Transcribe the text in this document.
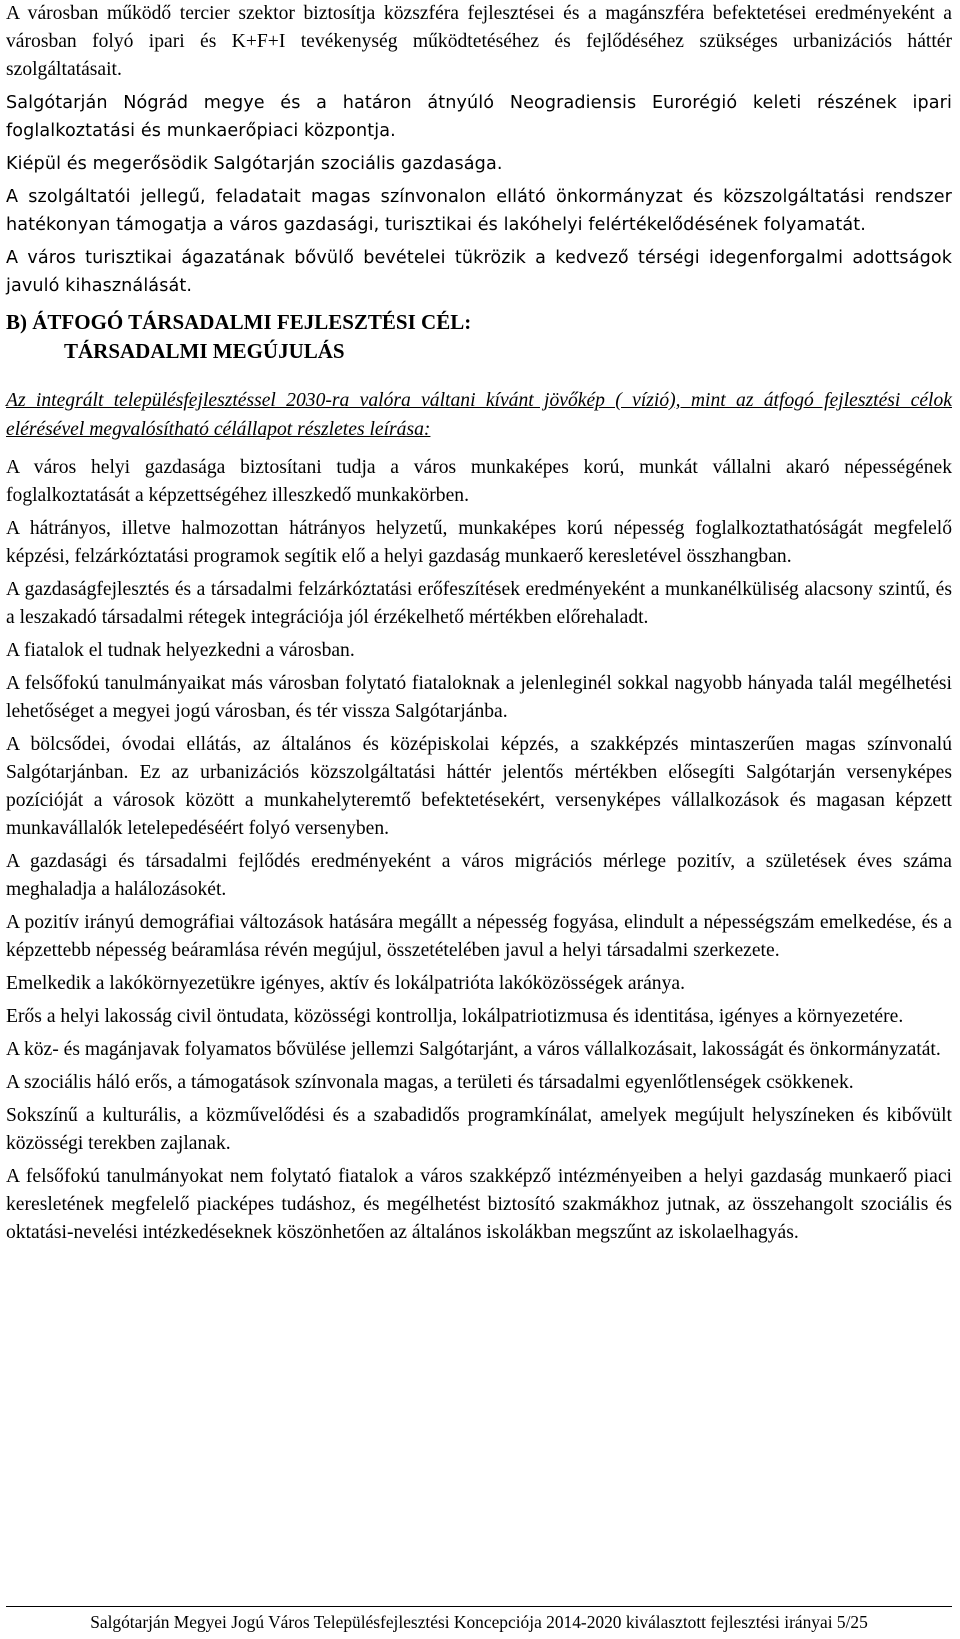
A városban működő tercier szektor biztosítja közszféra fejlesztései és a magánszféra befektetései eredményeként a városban folyó ipari és K+F+I tevékenység működtetéséhez és fejlődéséhez szükséges urbanizációs háttér szolgáltatásait.

Salgótarján Nógrád megye és a határon átnyúló Neogradiensis Eurorégió keleti részének ipari foglalkoztatási és munkaerőpiaci központja.

Kiépül és megerősödik Salgótarján szociális gazdasága.

A szolgáltatói jellegű, feladatait magas színvonalon ellátó önkormányzat és közszolgáltatási rendszer hatékonyan támogatja a város gazdasági, turisztikai és lakóhelyi felértékelődésének folyamatát.

A város turisztikai ágazatának bővülő bevételei tükrözik a kedvező térségi idegenforgalmi adottságok javuló kihasználását.

B) ÁTFOGÓ TÁRSADALMI FEJLESZTÉSI CÉL:
TÁRSADALMI MEGÚJULÁS

Az integrált településfejlesztéssel 2030-ra valóra váltani kívánt jövőkép ( vízió), mint az átfogó fejlesztési célok elérésével megvalósítható célállapot részletes leírása:

A város helyi gazdasága biztosítani tudja a város munkaképes korú, munkát vállalni akaró népességének foglalkoztatását a képzettségéhez illeszkedő munkakörben.

A hátrányos, illetve halmozottan hátrányos helyzetű, munkaképes korú népesség foglalkoztathatóságát megfelelő képzési, felzárkóztatási programok segítik elő a helyi gazdaság munkaerő keresletével összhangban.

A gazdaságfejlesztés és a társadalmi felzárkóztatási erőfeszítések eredményeként a munkanélküliség alacsony szintű, és a leszakadó társadalmi rétegek integrációja jól érzékelhető mértékben előrehaladt.

A fiatalok el tudnak helyezkedni a városban.

A felsőfokú tanulmányaikat más városban folytató fiataloknak a jelenleginél sokkal nagyobb hányada talál megélhetési lehetőséget a megyei jogú városban, és tér vissza Salgótarjánba.

A bölcsődei, óvodai ellátás, az általános és középiskolai képzés, a szakképzés mintaszerűen magas színvonalú Salgótarjánban. Ez az urbanizációs közszolgáltatási háttér jelentős mértékben elősegíti Salgótarján versenyképes pozícióját a városok között a munkahelyteremtő befektetésekért, versenyképes vállalkozások és magasan képzett munkavállalók letelepedéséért folyó versenyben.

A gazdasági és társadalmi fejlődés eredményeként a város migrációs mérlege pozitív, a születések éves száma meghaladja a halálozásokét.

A pozitív irányú demográfiai változások hatására megállt a népesség fogyása, elindult a népességszám emelkedése, és a képzettebb népesség beáramlása révén megújul, összetételében javul a helyi társadalmi szerkezete.

Emelkedik a lakókörnyezetükre igényes, aktív és lokálpatrióta lakóközösségek aránya.

Erős a helyi lakosság civil öntudata, közösségi kontrollja, lokálpatriotizmusa és identitása, igényes a környezetére.

A köz- és magánjavak folyamatos bővülése jellemzi Salgótarjánt, a város vállalkozásait, lakosságát és önkormányzatát.

A szociális háló erős, a támogatások színvonala magas, a területi és társadalmi egyenlőtlenségek csökkenek.

Sokszínű a kulturális, a közművelődési és a szabadidős programkínálat, amelyek megújult helyszíneken és kibővült közösségi terekben zajlanak.

A felsőfokú tanulmányokat nem folytató fiatalok a város szakképző intézményeiben a helyi gazdaság munkaerő piaci keresletének megfelelő piacképes tudáshoz, és megélhetést biztosító szakmákhoz jutnak, az összehangolt szociális és oktatási-nevelési intézkedéseknek köszönhetően az általános iskolákban megszűnt az iskolaelhagyás.

Salgótarján Megyei Jogú Város Településfejlesztési Koncepciója 2014-2020 kiválasztott fejlesztési irányai 5/25
